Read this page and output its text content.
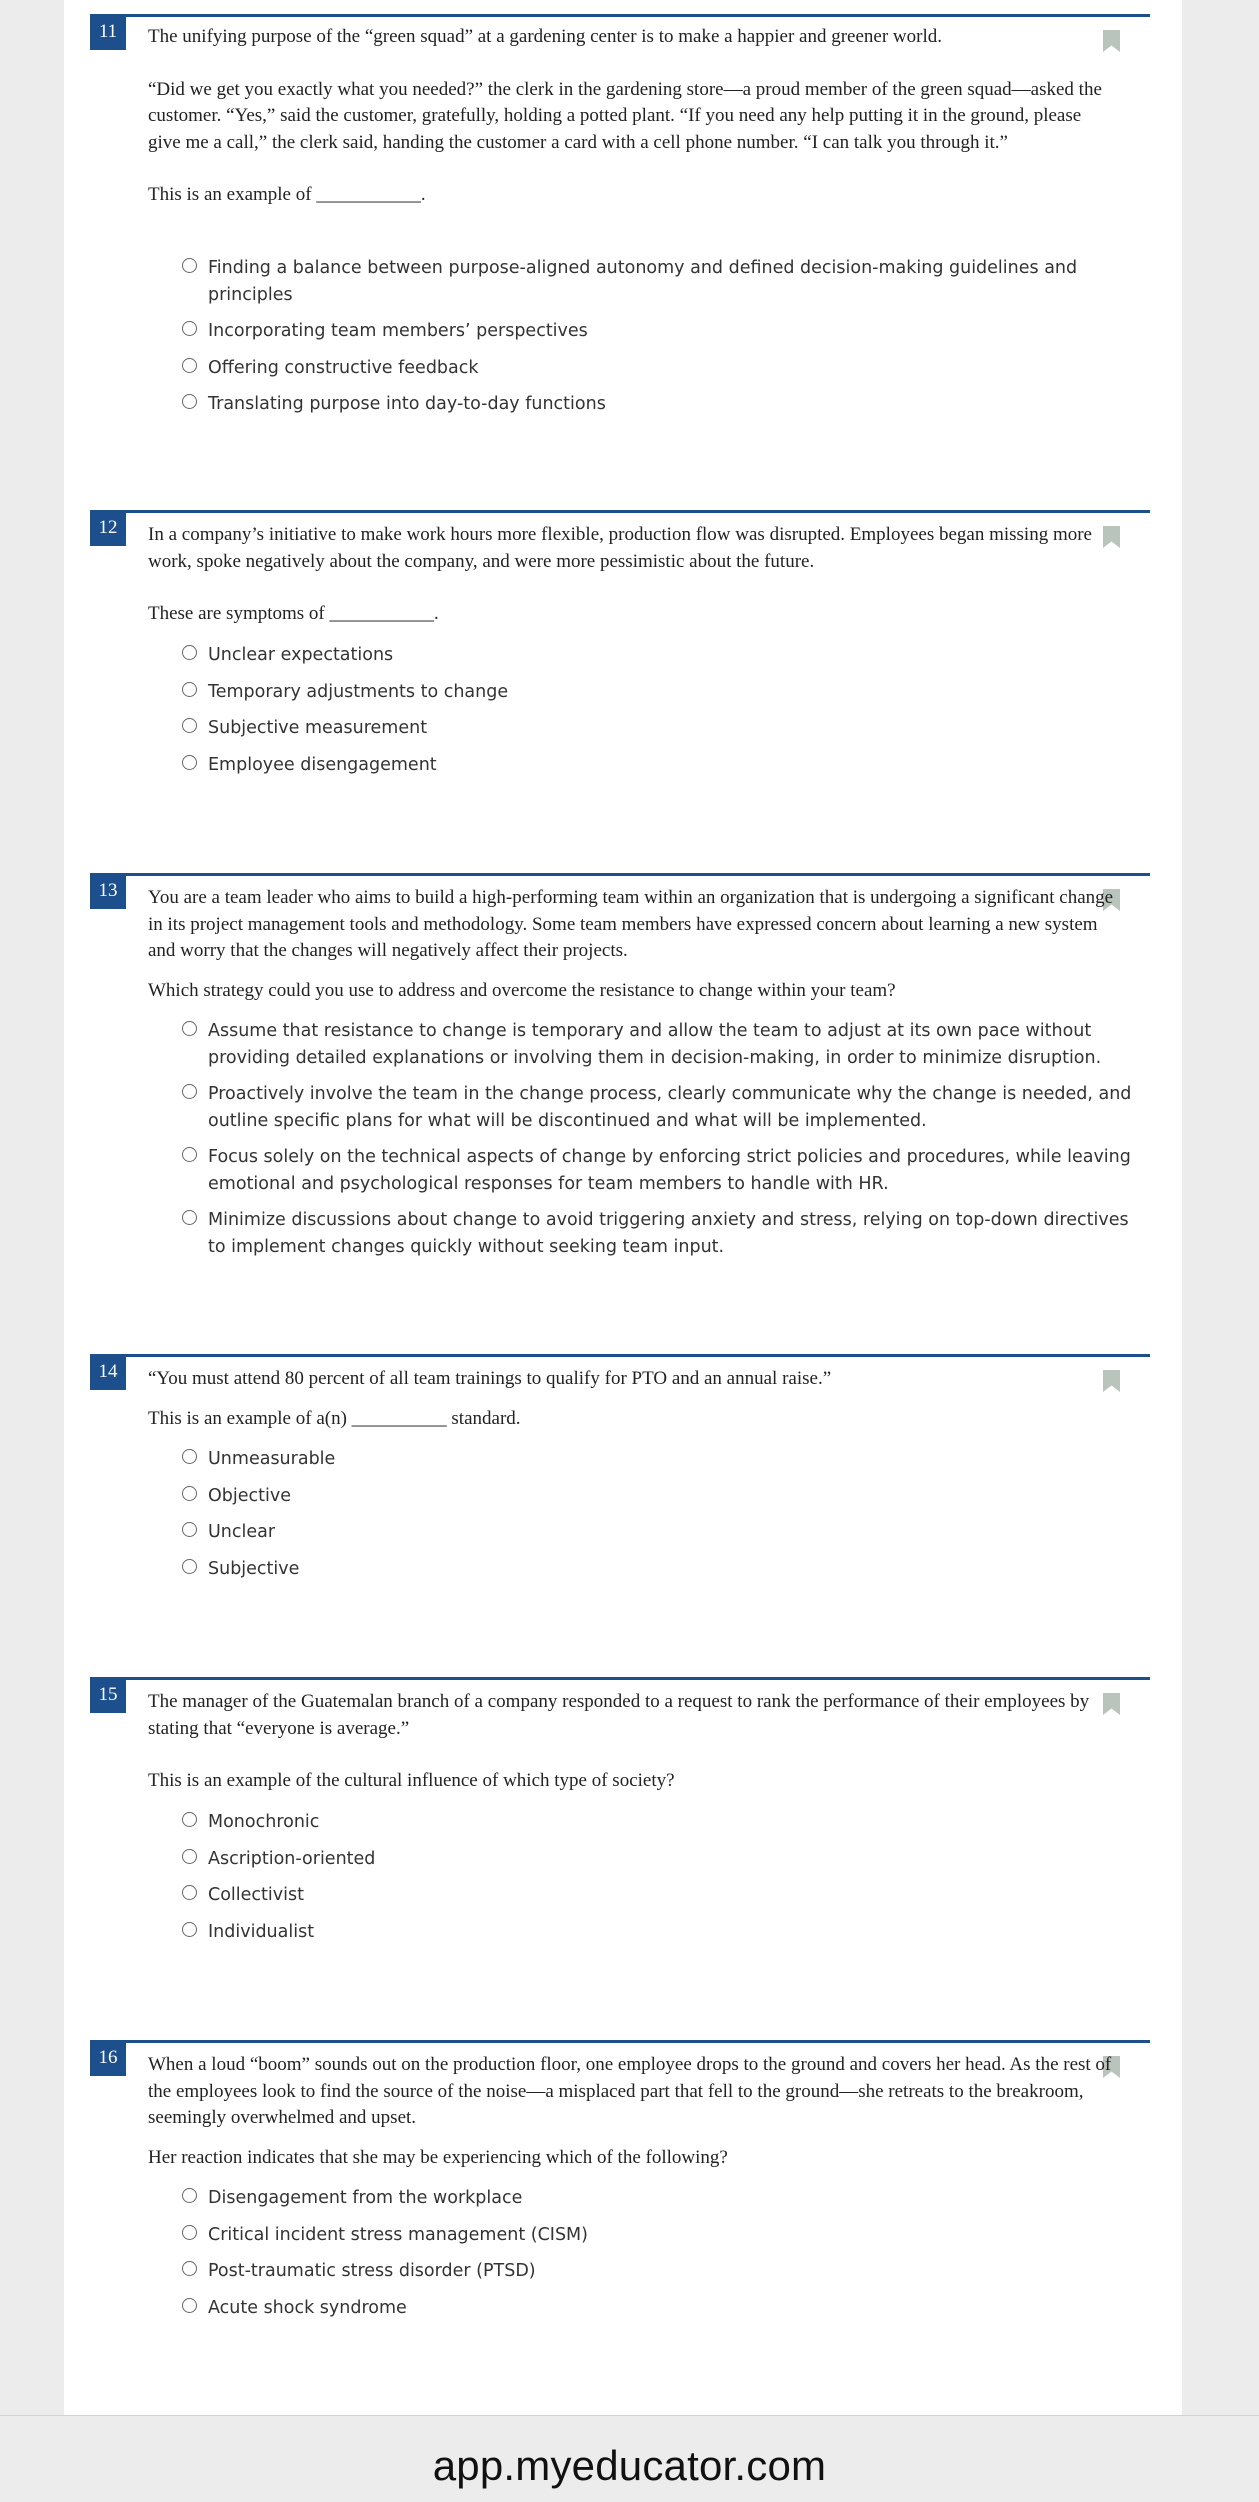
11	The unifying purpose of the “green squad” at a gardening center is to make a happier and greener world.

“Did we get you exactly what you needed?” the clerk in the gardening store—a proud member of the green squad—asked the customer. “Yes,” said the customer, gratefully, holding a potted plant. “If you need any help putting it in the ground, please give me a call,” the clerk said, handing the customer a card with a cell phone number. “I can talk you through it.”

This is an example of ___________.

Finding a balance between purpose-aligned autonomy and defined decision-making guidelines and principles
Incorporating team members’ perspectives
Offering constructive feedback
Translating purpose into day-to-day functions
12	In a company’s initiative to make work hours more flexible, production flow was disrupted. Employees began missing more work, spoke negatively about the company, and were more pessimistic about the future.

These are symptoms of ___________.

Unclear expectations
Temporary adjustments to change
Subjective measurement
Employee disengagement
13	You are a team leader who aims to build a high-performing team within an organization that is undergoing a significant change in its project management tools and methodology. Some team members have expressed concern about learning a new system and worry that the changes will negatively affect their projects.

Which strategy could you use to address and overcome the resistance to change within your team?

Assume that resistance to change is temporary and allow the team to adjust at its own pace without providing detailed explanations or involving them in decision-making, in order to minimize disruption.
Proactively involve the team in the change process, clearly communicate why the change is needed, and outline specific plans for what will be discontinued and what will be implemented.
Focus solely on the technical aspects of change by enforcing strict policies and procedures, while leaving emotional and psychological responses for team members to handle with HR.
Minimize discussions about change to avoid triggering anxiety and stress, relying on top-down directives to implement changes quickly without seeking team input.
14	“You must attend 80 percent of all team trainings to qualify for PTO and an annual raise.”

This is an example of a(n) __________ standard.

Unmeasurable
Objective
Unclear
Subjective
15	The manager of the Guatemalan branch of a company responded to a request to rank the performance of their employees by stating that “everyone is average.”

This is an example of the cultural influence of which type of society?

Monochronic
Ascription-oriented
Collectivist
Individualist
16	When a loud “boom” sounds out on the production floor, one employee drops to the ground and covers her head. As the rest of the employees look to find the source of the noise—a misplaced part that fell to the ground—she retreats to the breakroom, seemingly overwhelmed and upset.

Her reaction indicates that she may be experiencing which of the following?

Disengagement from the workplace
Critical incident stress management (CISM)
Post-traumatic stress disorder (PTSD)
Acute shock syndrome
app.myeducator.com
